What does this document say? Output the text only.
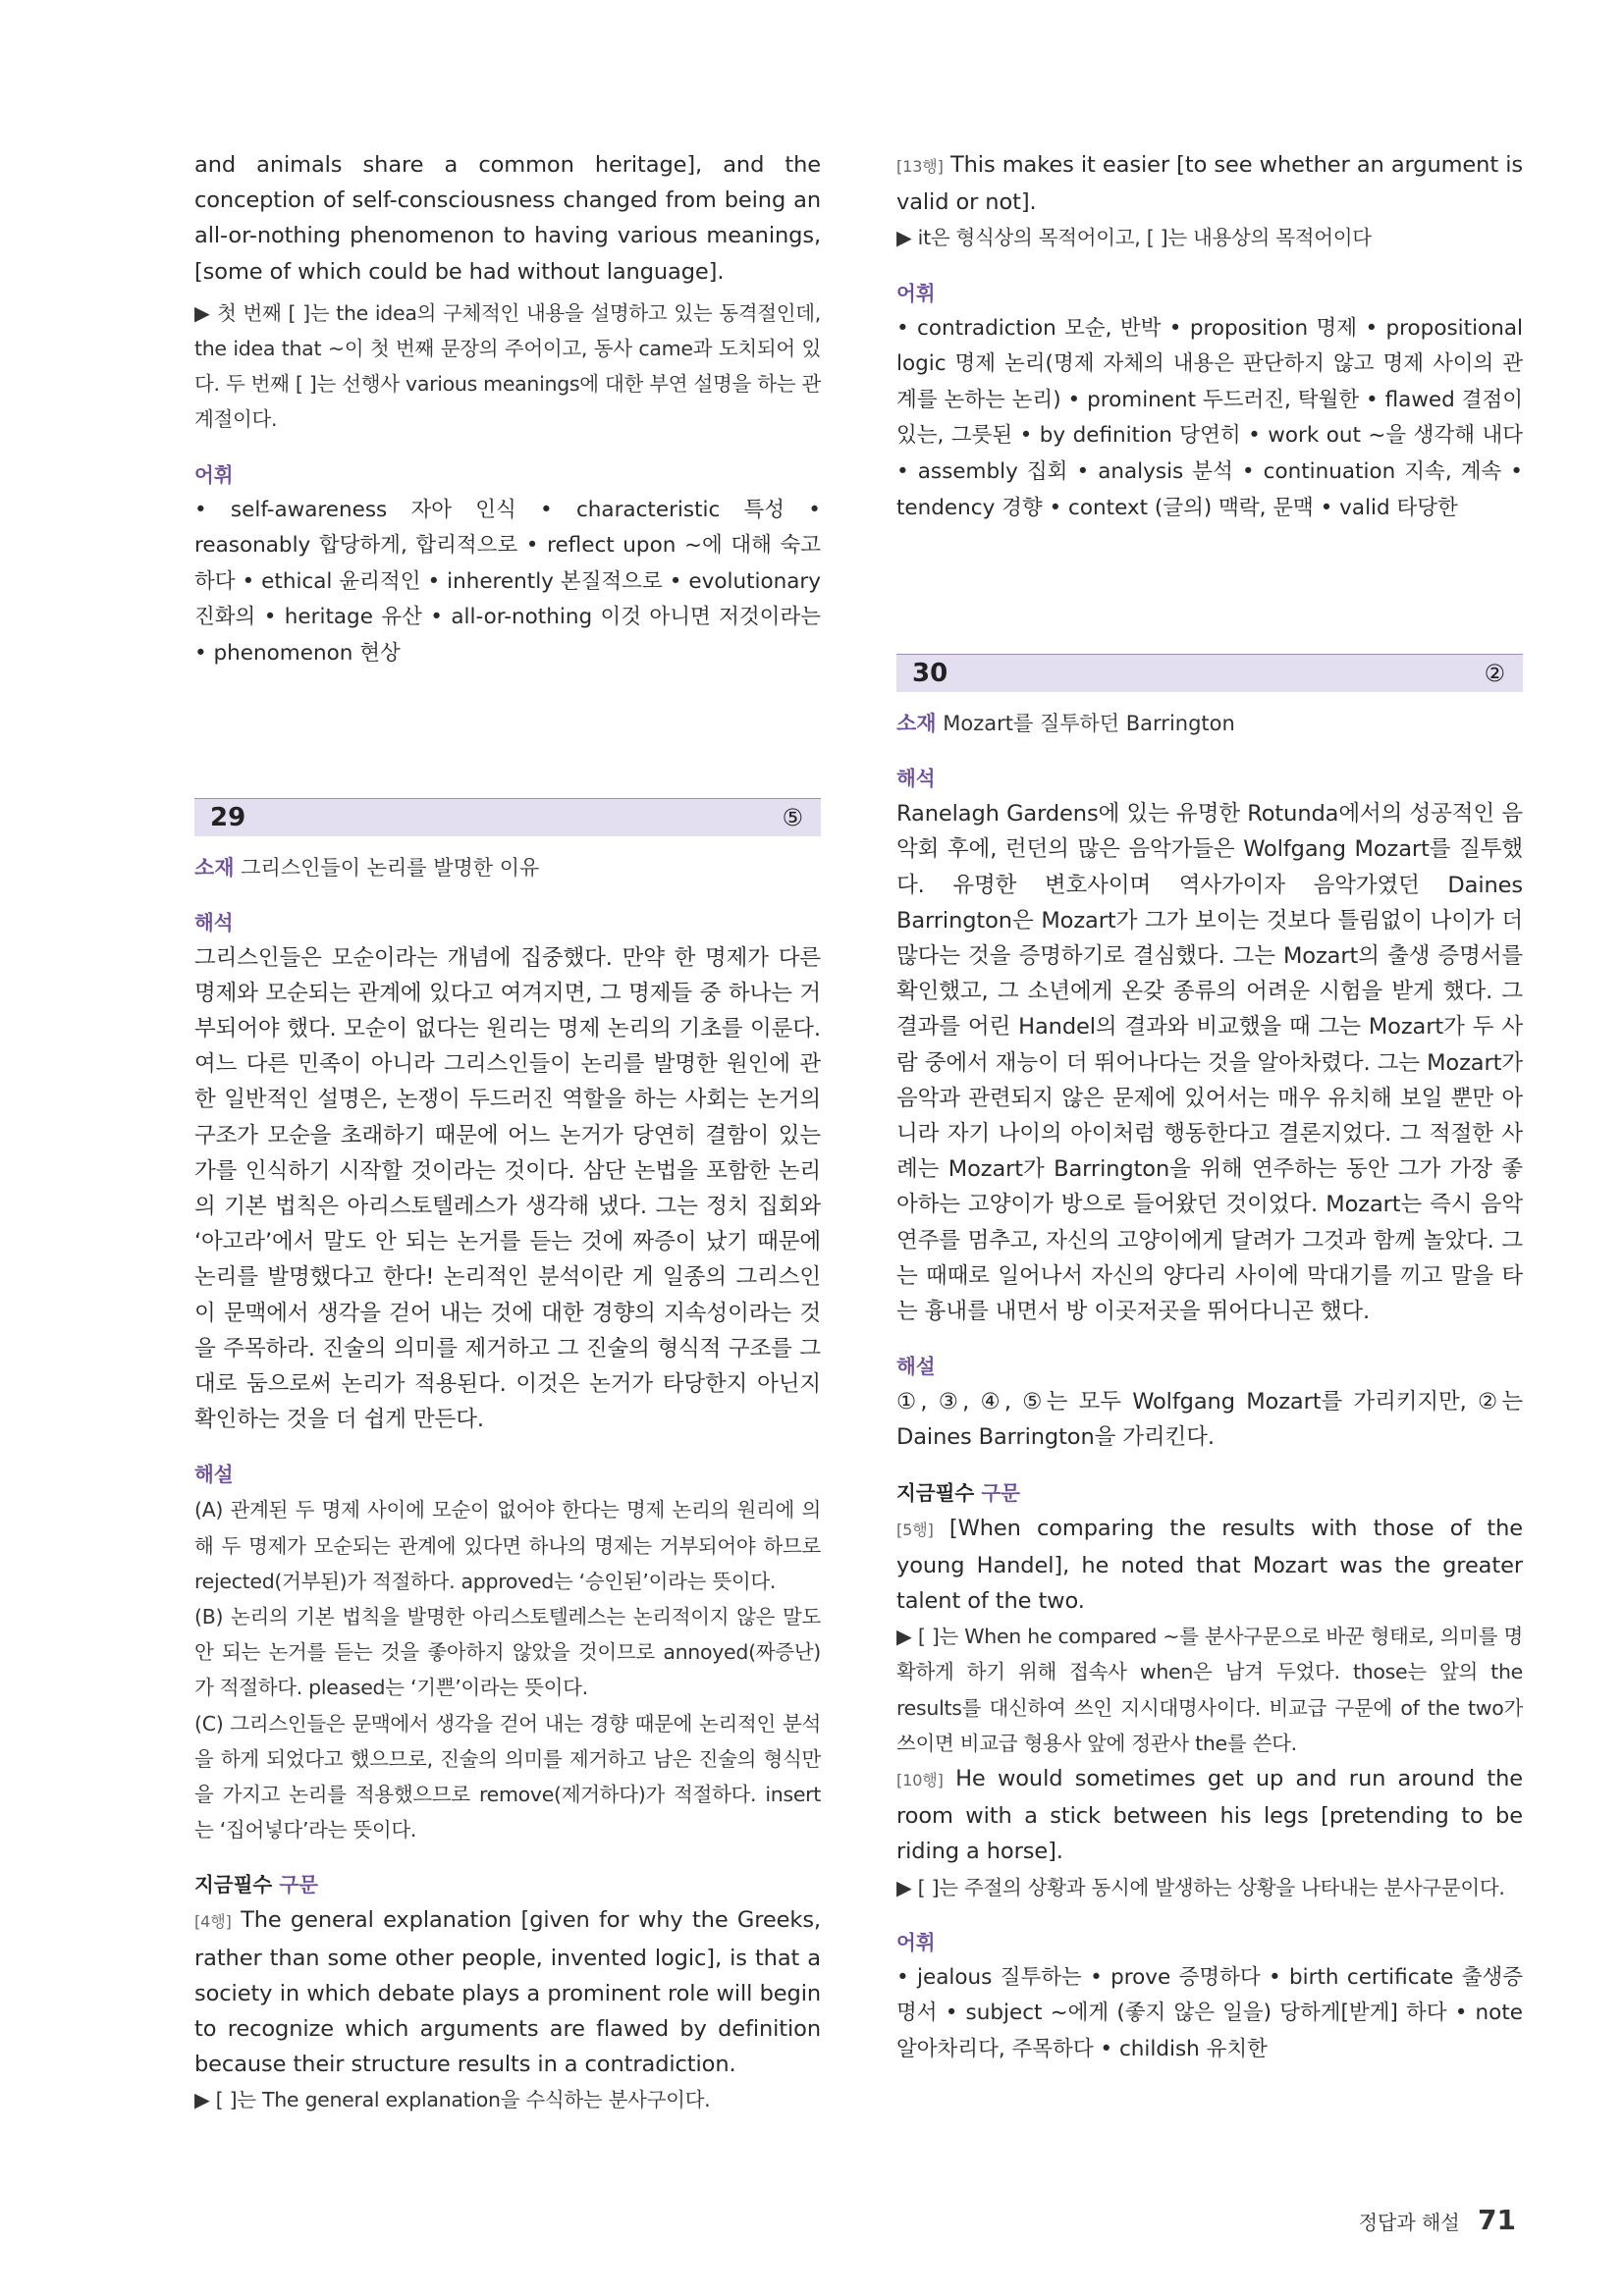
and animals share a common heritage], and the conception of self-consciousness changed from being an all-or-nothing phenomenon to having various meanings, [some of which could be had without language].

▶ 첫 번째 [ ]는 the idea의 구체적인 내용을 설명하고 있는 동격절인데, the idea that ~이 첫 번째 문장의 주어이고, 동사 came과 도치되어 있다. 두 번째 [ ]는 선행사 various meanings에 대한 부연 설명을 하는 관계절이다.

어휘

• self-awareness 자아 인식 • characteristic 특성 • reasonably 합당하게, 합리적으로 • reflect upon ~에 대해 숙고하다 • ethical 윤리적인 • inherently 본질적으로 • evolutionary 진화의 • heritage 유산 • all-or-nothing 이것 아니면 저것이라는 • phenomenon 현상

29	⑤

소재 그리스인들이 논리를 발명한 이유

해석

그리스인들은 모순이라는 개념에 집중했다. 만약 한 명제가 다른 명제와 모순되는 관계에 있다고 여겨지면, 그 명제들 중 하나는 거부되어야 했다. 모순이 없다는 원리는 명제 논리의 기초를 이룬다. 여느 다른 민족이 아니라 그리스인들이 논리를 발명한 원인에 관한 일반적인 설명은, 논쟁이 두드러진 역할을 하는 사회는 논거의 구조가 모순을 초래하기 때문에 어느 논거가 당연히 결함이 있는가를 인식하기 시작할 것이라는 것이다. 삼단 논법을 포함한 논리의 기본 법칙은 아리스토텔레스가 생각해 냈다. 그는 정치 집회와 ‘아고라’에서 말도 안 되는 논거를 듣는 것에 짜증이 났기 때문에 논리를 발명했다고 한다! 논리적인 분석이란 게 일종의 그리스인이 문맥에서 생각을 걷어 내는 것에 대한 경향의 지속성이라는 것을 주목하라. 진술의 의미를 제거하고 그 진술의 형식적 구조를 그대로 둠으로써 논리가 적용된다. 이것은 논거가 타당한지 아닌지 확인하는 것을 더 쉽게 만든다.

해설

(A) 관계된 두 명제 사이에 모순이 없어야 한다는 명제 논리의 원리에 의해 두 명제가 모순되는 관계에 있다면 하나의 명제는 거부되어야 하므로 rejected(거부된)가 적절하다. approved는 ‘승인된’이라는 뜻이다.

(B) 논리의 기본 법칙을 발명한 아리스토텔레스는 논리적이지 않은 말도 안 되는 논거를 듣는 것을 좋아하지 않았을 것이므로 annoyed(짜증난)가 적절하다. pleased는 ‘기쁜’이라는 뜻이다.

(C) 그리스인들은 문맥에서 생각을 걷어 내는 경향 때문에 논리적인 분석을 하게 되었다고 했으므로, 진술의 의미를 제거하고 남은 진술의 형식만을 가지고 논리를 적용했으므로 remove(제거하다)가 적절하다. insert는 ‘집어넣다’라는 뜻이다.

지금필수 구문

[4행] The general explanation [given for why the Greeks, rather than some other people, invented logic], is that a society in which debate plays a prominent role will begin to recognize which arguments are flawed by definition because their structure results in a contradiction.

▶ [ ]는 The general explanation을 수식하는 분사구이다.

[13행] This makes it easier [to see whether an argument is valid or not].

▶ it은 형식상의 목적어이고, [ ]는 내용상의 목적어이다

어휘

• contradiction 모순, 반박 • proposition 명제 • propositional logic 명제 논리(명제 자체의 내용은 판단하지 않고 명제 사이의 관계를 논하는 논리) • prominent 두드러진, 탁월한 • flawed 결점이 있는, 그릇된 • by definition 당연히 • work out ~을 생각해 내다 • assembly 집회 • analysis 분석 • continuation 지속, 계속 • tendency 경향 • context (글의) 맥락, 문맥 • valid 타당한

30	②

소재 Mozart를 질투하던 Barrington

해석

Ranelagh Gardens에 있는 유명한 Rotunda에서의 성공적인 음악회 후에, 런던의 많은 음악가들은 Wolfgang Mozart를 질투했다. 유명한 변호사이며 역사가이자 음악가였던 Daines Barrington은 Mozart가 그가 보이는 것보다 틀림없이 나이가 더 많다는 것을 증명하기로 결심했다. 그는 Mozart의 출생 증명서를 확인했고, 그 소년에게 온갖 종류의 어려운 시험을 받게 했다. 그 결과를 어린 Handel의 결과와 비교했을 때 그는 Mozart가 두 사람 중에서 재능이 더 뛰어나다는 것을 알아차렸다. 그는 Mozart가 음악과 관련되지 않은 문제에 있어서는 매우 유치해 보일 뿐만 아니라 자기 나이의 아이처럼 행동한다고 결론지었다. 그 적절한 사례는 Mozart가 Barrington을 위해 연주하는 동안 그가 가장 좋아하는 고양이가 방으로 들어왔던 것이었다. Mozart는 즉시 음악 연주를 멈추고, 자신의 고양이에게 달려가 그것과 함께 놀았다. 그는 때때로 일어나서 자신의 양다리 사이에 막대기를 끼고 말을 타는 흉내를 내면서 방 이곳저곳을 뛰어다니곤 했다.

해설

①, ③, ④, ⑤는 모두 Wolfgang Mozart를 가리키지만, ②는 Daines Barrington을 가리킨다.

지금필수 구문

[5행] [When comparing the results with those of the young Handel], he noted that Mozart was the greater talent of the two.

▶ [ ]는 When he compared ~를 분사구문으로 바꾼 형태로, 의미를 명확하게 하기 위해 접속사 when은 남겨 두었다. those는 앞의 the results를 대신하여 쓰인 지시대명사이다. 비교급 구문에 of the two가 쓰이면 비교급 형용사 앞에 정관사 the를 쓴다.

[10행] He would sometimes get up and run around the room with a stick between his legs [pretending to be riding a horse].

▶ [ ]는 주절의 상황과 동시에 발생하는 상황을 나타내는 분사구문이다.

어휘

• jealous 질투하는 • prove 증명하다 • birth certificate 출생증명서 • subject ~에게 (좋지 않은 일을) 당하게[받게] 하다 • note 알아차리다, 주목하다 • childish 유치한

정답과 해설 71
